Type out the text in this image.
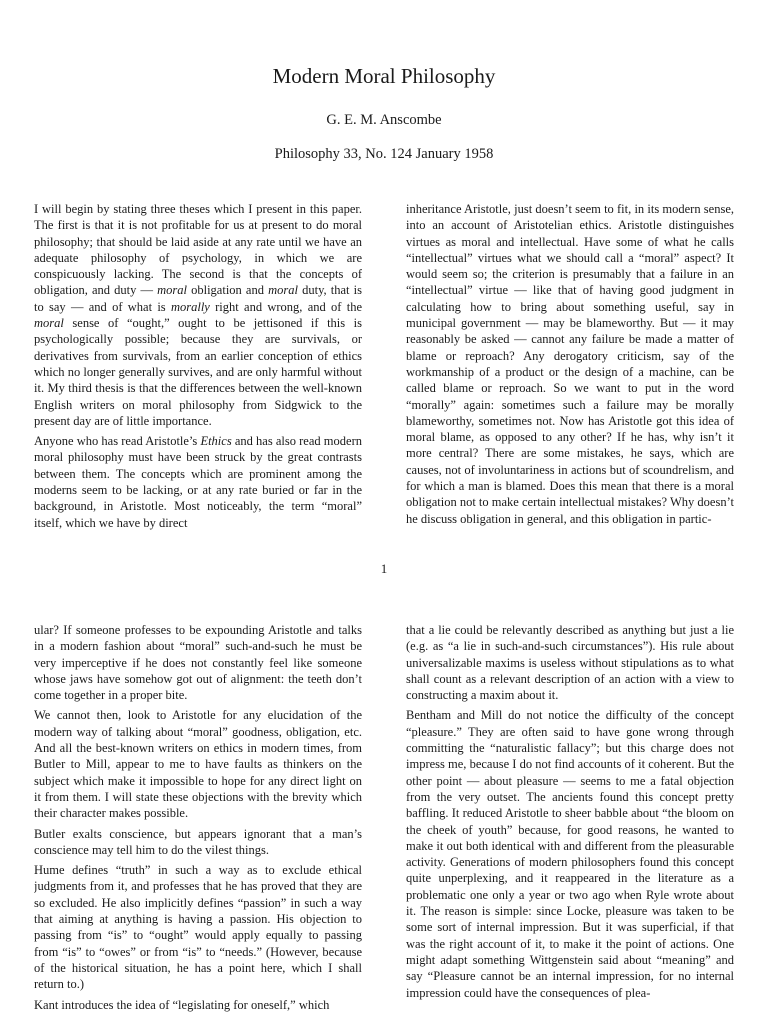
Modern Moral Philosophy
G. E. M. Anscombe
Philosophy 33, No. 124 January 1958

I will begin by stating three theses which I present in this paper. The first is that it is not profitable for us at present to do moral philosophy; that should be laid aside at any rate until we have an adequate philosophy of psychology, in which we are conspicuously lacking. The second is that the concepts of obligation, and duty — moral obligation and moral duty, that is to say — and of what is morally right and wrong, and of the moral sense of “ought,” ought to be jettisoned if this is psychologically possible; because they are survivals, or derivatives from survivals, from an earlier conception of ethics which no longer generally survives, and are only harmful without it. My third thesis is that the differences between the well-known English writers on moral philosophy from Sidgwick to the present day are of little importance.

Anyone who has read Aristotle’s Ethics and has also read modern moral philosophy must have been struck by the great contrasts between them. The concepts which are prominent among the moderns seem to be lacking, or at any rate buried or far in the background, in Aristotle. Most noticeably, the term “moral” itself, which we have by direct

inheritance Aristotle, just doesn’t seem to fit, in its modern sense, into an account of Aristotelian ethics. Aristotle distinguishes virtues as moral and intellectual. Have some of what he calls “intellectual” virtues what we should call a “moral” aspect? It would seem so; the criterion is presumably that a failure in an “intellectual” virtue — like that of having good judgment in calculating how to bring about something useful, say in municipal government — may be blameworthy. But — it may reasonably be asked — cannot any failure be made a matter of blame or reproach? Any derogatory criticism, say of the workmanship of a product or the design of a machine, can be called blame or reproach. So we want to put in the word “morally” again: sometimes such a failure may be morally blameworthy, sometimes not. Now has Aristotle got this idea of moral blame, as opposed to any other? If he has, why isn’t it more central? There are some mistakes, he says, which are causes, not of involuntariness in actions but of scoundrelism, and for which a man is blamed. Does this mean that there is a moral obligation not to make certain intellectual mistakes? Why doesn’t he discuss obligation in general, and this obligation in partic-

1

ular? If someone professes to be expounding Aristotle and talks in a modern fashion about “moral” such-and-such he must be very imperceptive if he does not constantly feel like someone whose jaws have somehow got out of alignment: the teeth don’t come together in a proper bite.

We cannot then, look to Aristotle for any elucidation of the modern way of talking about “moral” goodness, obligation, etc. And all the best-known writers on ethics in modern times, from Butler to Mill, appear to me to have faults as thinkers on the subject which make it impossible to hope for any direct light on it from them. I will state these objections with the brevity which their character makes possible.

Butler exalts conscience, but appears ignorant that a man’s conscience may tell him to do the vilest things.

Hume defines “truth” in such a way as to exclude ethical judgments from it, and professes that he has proved that they are so excluded. He also implicitly defines “passion” in such a way that aiming at anything is having a passion. His objection to passing from “is” to “ought” would apply equally to passing from “is” to “owes” or from “is” to “needs.” (However, because of the historical situation, he has a point here, which I shall return to.)

Kant introduces the idea of “legislating for oneself,” which

that a lie could be relevantly described as anything but just a lie (e.g. as “a lie in such-and-such circumstances”). His rule about universalizable maxims is useless without stipulations as to what shall count as a relevant description of an action with a view to constructing a maxim about it.

Bentham and Mill do not notice the difficulty of the concept “pleasure.” They are often said to have gone wrong through committing the “naturalistic fallacy”; but this charge does not impress me, because I do not find accounts of it coherent. But the other point — about pleasure — seems to me a fatal objection from the very outset. The ancients found this concept pretty baffling. It reduced Aristotle to sheer babble about “the bloom on the cheek of youth” because, for good reasons, he wanted to make it out both identical with and different from the pleasurable activity. Generations of modern philosophers found this concept quite unperplexing, and it reappeared in the literature as a problematic one only a year or two ago when Ryle wrote about it. The reason is simple: since Locke, pleasure was taken to be some sort of internal impression. But it was superficial, if that was the right account of it, to make it the point of actions. One might adapt something Wittgenstein said about “meaning” and say “Pleasure cannot be an internal impression, for no internal impression could have the consequences of plea-
